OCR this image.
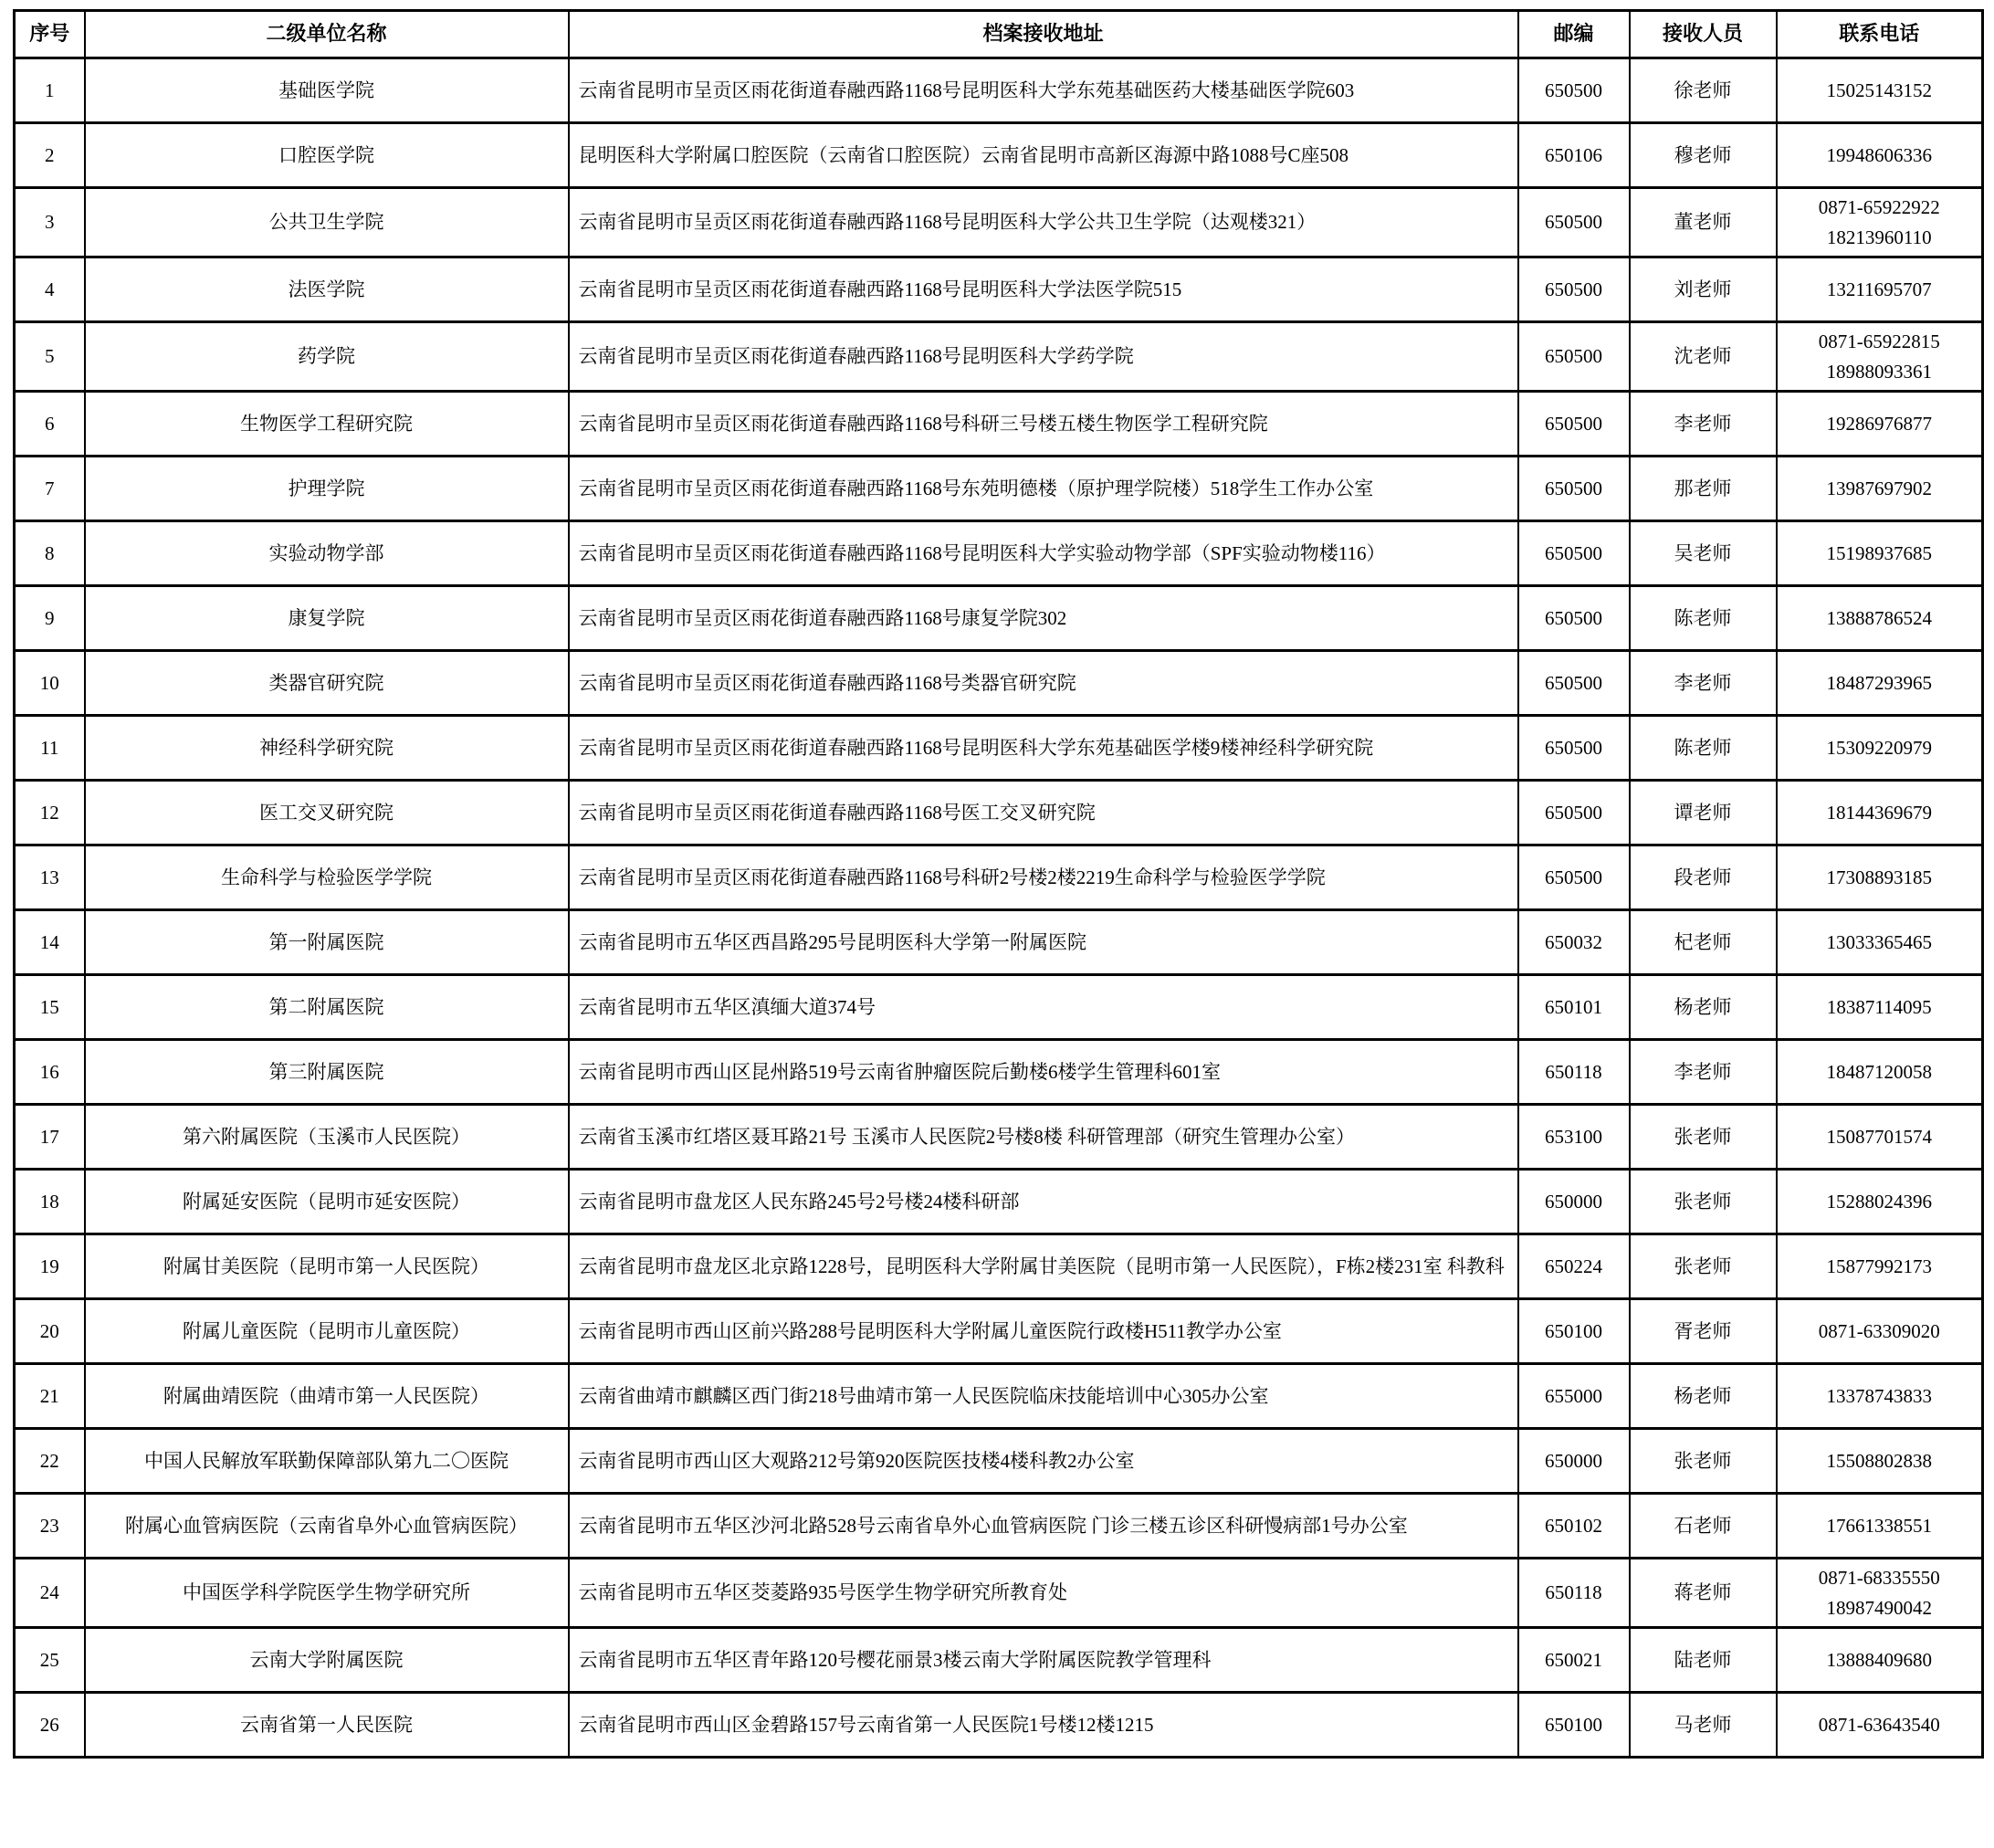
序号	二级单位名称	档案接收地址	邮编	接收人员	联系电话
1	基础医学院	云南省昆明市呈贡区雨花街道春融西路1168号昆明医科大学东苑基础医药大楼基础医学院603	650500	徐老师	15025143152

2	口腔医学院	昆明医科大学附属口腔医院（云南省口腔医院）云南省昆明市高新区海源中路1088号C座508	650106	穆老师	19948606336

3	公共卫生学院	云南省昆明市呈贡区雨花街道春融西路1168号昆明医科大学公共卫生学院（达观楼321）	650500	董老师	0871-65922922
18213960110

4	法医学院	云南省昆明市呈贡区雨花街道春融西路1168号昆明医科大学法医学院515	650500	刘老师	13211695707

5	药学院	云南省昆明市呈贡区雨花街道春融西路1168号昆明医科大学药学院	650500	沈老师	0871-65922815
18988093361

6	生物医学工程研究院	云南省昆明市呈贡区雨花街道春融西路1168号科研三号楼五楼生物医学工程研究院	650500	李老师	19286976877

7	护理学院	云南省昆明市呈贡区雨花街道春融西路1168号东苑明德楼（原护理学院楼）518学生工作办公室	650500	那老师	13987697902

8	实验动物学部	云南省昆明市呈贡区雨花街道春融西路1168号昆明医科大学实验动物学部（SPF实验动物楼116）	650500	吴老师	15198937685

9	康复学院	云南省昆明市呈贡区雨花街道春融西路1168号康复学院302	650500	陈老师	13888786524

10	类器官研究院	云南省昆明市呈贡区雨花街道春融西路1168号类器官研究院	650500	李老师	18487293965

11	神经科学研究院	云南省昆明市呈贡区雨花街道春融西路1168号昆明医科大学东苑基础医学楼9楼神经科学研究院	650500	陈老师	15309220979

12	医工交叉研究院	云南省昆明市呈贡区雨花街道春融西路1168号医工交叉研究院	650500	谭老师	18144369679

13	生命科学与检验医学学院	云南省昆明市呈贡区雨花街道春融西路1168号科研2号楼2楼2219生命科学与检验医学学院	650500	段老师	17308893185

14	第一附属医院	云南省昆明市五华区西昌路295号昆明医科大学第一附属医院	650032	杞老师	13033365465

15	第二附属医院	云南省昆明市五华区滇缅大道374号	650101	杨老师	18387114095

16	第三附属医院	云南省昆明市西山区昆州路519号云南省肿瘤医院后勤楼6楼学生管理科601室	650118	李老师	18487120058

17	第六附属医院（玉溪市人民医院）	云南省玉溪市红塔区聂耳路21号 玉溪市人民医院2号楼8楼 科研管理部（研究生管理办公室）	653100	张老师	15087701574

18	附属延安医院（昆明市延安医院）	云南省昆明市盘龙区人民东路245号2号楼24楼科研部	650000	张老师	15288024396

19	附属甘美医院（昆明市第一人民医院）	云南省昆明市盘龙区北京路1228号，昆明医科大学附属甘美医院（昆明市第一人民医院），F栋2楼231室 科教科	650224	张老师	15877992173

20	附属儿童医院（昆明市儿童医院）	云南省昆明市西山区前兴路288号昆明医科大学附属儿童医院行政楼H511教学办公室	650100	胥老师	0871-63309020

21	附属曲靖医院（曲靖市第一人民医院）	云南省曲靖市麒麟区西门街218号曲靖市第一人民医院临床技能培训中心305办公室	655000	杨老师	13378743833

22	中国人民解放军联勤保障部队第九二〇医院	云南省昆明市西山区大观路212号第920医院医技楼4楼科教2办公室	650000	张老师	15508802838

23	附属心血管病医院（云南省阜外心血管病医院）	云南省昆明市五华区沙河北路528号云南省阜外心血管病医院 门诊三楼五诊区科研慢病部1号办公室	650102	石老师	17661338551

24	中国医学科学院医学生物学研究所	云南省昆明市五华区茭菱路935号医学生物学研究所教育处	650118	蒋老师	0871-68335550
18987490042

25	云南大学附属医院	云南省昆明市五华区青年路120号樱花丽景3楼云南大学附属医院教学管理科	650021	陆老师	13888409680

26	云南省第一人民医院	云南省昆明市西山区金碧路157号云南省第一人民医院1号楼12楼1215	650100	马老师	0871-63643540
